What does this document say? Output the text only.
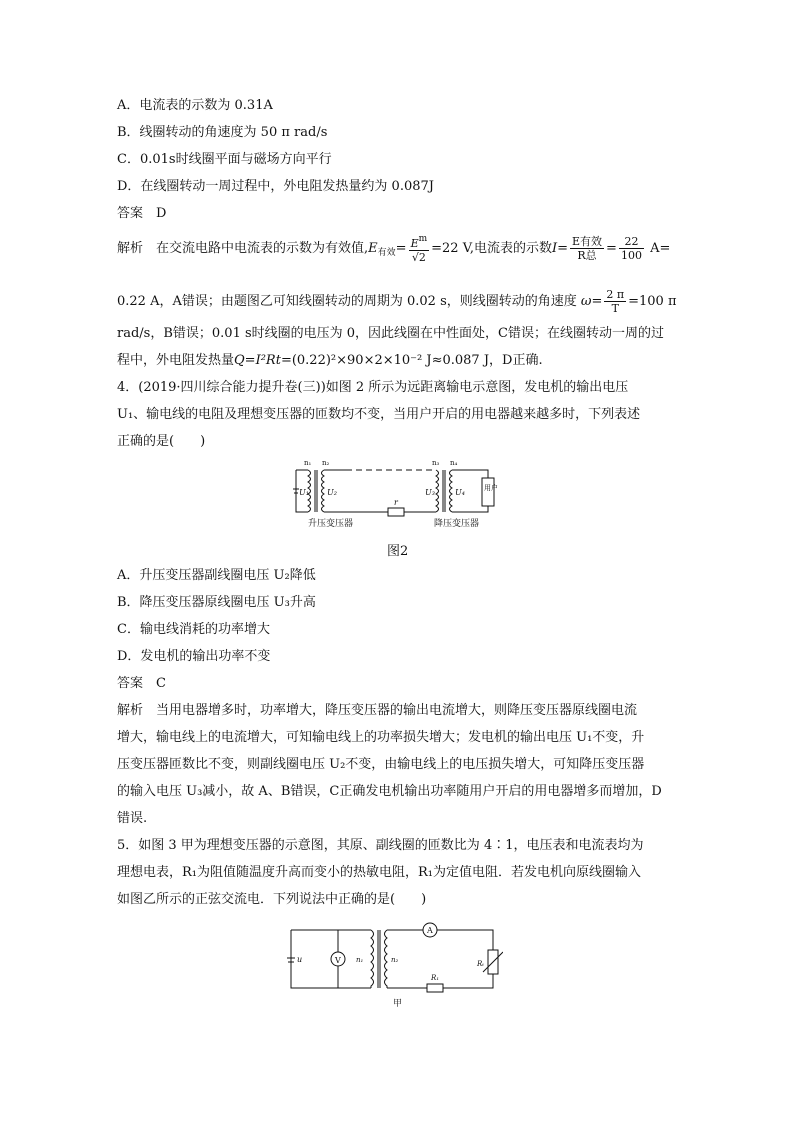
A．电流表的示数为 0.31A
B．线圈转动的角速度为 50 π rad/s
C．0.01s时线圈平面与磁场方向平行
D．在线圈转动一周过程中，外电阻发热量约为 0.087J
答案　D
解析　在交流电路中电流表的示数为有效值$,E_{有效}= \frac{E^m}{√2} =22$ V,电流表的示数$I= \frac{\text{E有效}}{\text{R总}} = \frac{22}{100} A=$
0.22 A，A错误；由题图乙可知线圈转动的周期为 0.02 s，则线圈转动的角速度 $\omega= \frac{2 \pi}{T} =100$ π
rad/s，B错误；0.01 s时线圈的电压为 0，因此线圈在中性面处，C错误；在线圈转动一周的过
程中，外电阻发热量Q=I²Rt=(0.22)²×90×2×10⁻² J≈0.087 J，D正确.
4．(2019·四川综合能力提升卷(三))如图 2 所示为远距离输电示意图，发电机的输出电压
U₁、输电线的电阻及理想变压器的匝数均不变，当用户开启的用电器越来越多时，下列表述
正确的是(　　)
n₁ n₂	n₃ n₄
U₁ U₂	U₃	U₄
r
用户
升压变压器	降压变压器
图2
A．升压变压器副线圈电压 U₂降低
B．降压变压器原线圈电压 U₃升高
C．输电线消耗的功率增大
D．发电机的输出功率不变
答案　C
解析　当用电器增多时，功率增大，降压变压器的输出电流增大，则降压变压器原线圈电流
增大，输电线上的电流增大，可知输电线上的功率损失增大；发电机的输出电压 U₁不变，升
压变压器匝数比不变，则副线圈电压 U₂不变，由输电线上的电压损失增大，可知降压变压器
的输入电压 U₃减小，故 A、B错误，C正确发电机输出功率随用户开启的用电器增多而增加，D
错误.
5．如图 3 甲为理想变压器的示意图，其原、副线圈的匝数比为 4∶1，电压表和电流表均为
理想电表，R₁为阻值随温度升高而变小的热敏电阻，R₁为定值电阻．若发电机向原线圈输入
如图乙所示的正弦交流电．下列说法中正确的是(　　)
V
A
u	n₁	n₂	Rₜ
R₁
甲
